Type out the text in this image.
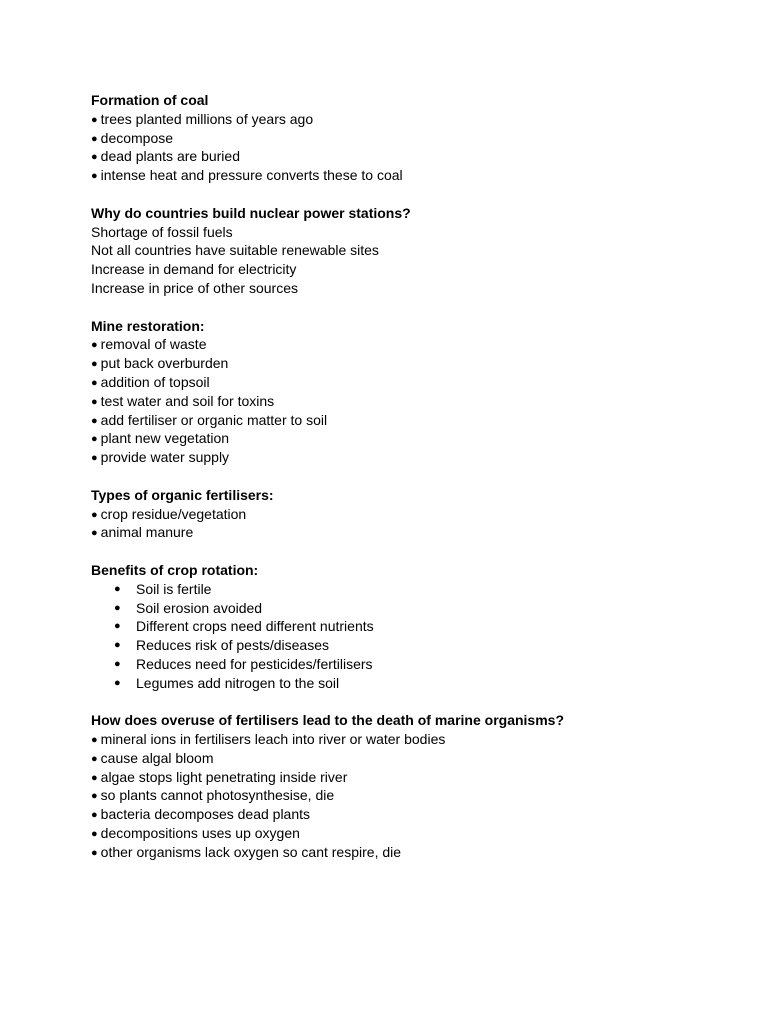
Formation of coal
● trees planted millions of years ago
● decompose
● dead plants are buried
● intense heat and pressure converts these to coal
Why do countries build nuclear power stations?
Shortage of fossil fuels
Not all countries have suitable renewable sites
Increase in demand for electricity
Increase in price of other sources
Mine restoration:
● removal of waste
● put back overburden
● addition of topsoil
● test water and soil for toxins
● add fertiliser or organic matter to soil
● plant new vegetation
● provide water supply
Types of organic fertilisers:
● crop residue/vegetation
● animal manure
Benefits of crop rotation:
● Soil is fertile
● Soil erosion avoided
● Different crops need different nutrients
● Reduces risk of pests/diseases
● Reduces need for pesticides/fertilisers
● Legumes add nitrogen to the soil
How does overuse of fertilisers lead to the death of marine organisms?
● mineral ions in fertilisers leach into river or water bodies
● cause algal bloom
● algae stops light penetrating inside river
● so plants cannot photosynthesise, die
● bacteria decomposes dead plants
● decompositions uses up oxygen
● other organisms lack oxygen so cant respire, die
